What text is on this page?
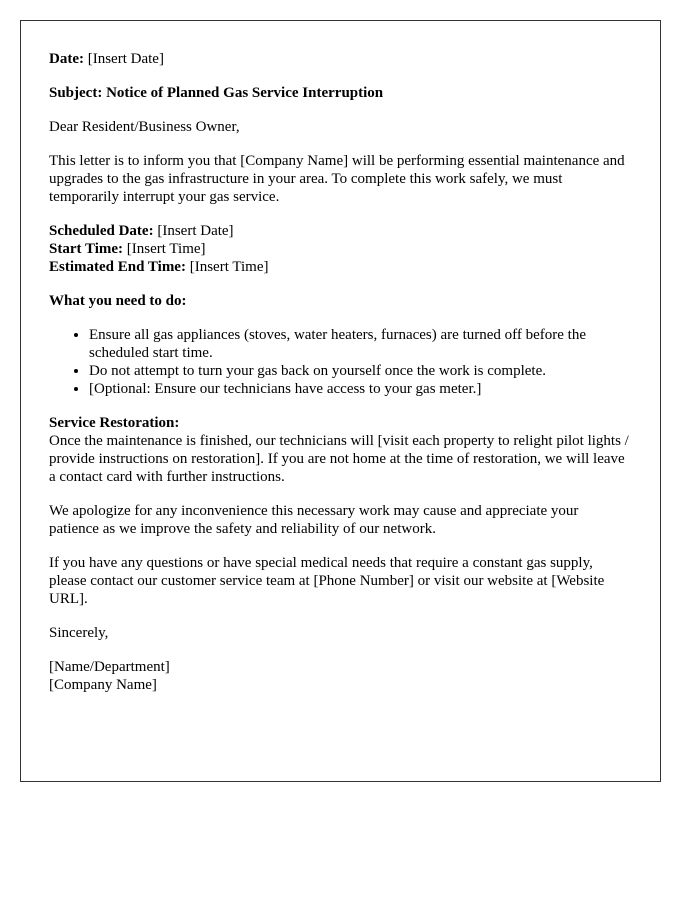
Date: [Insert Date]

Subject: Notice of Planned Gas Service Interruption

Dear Resident/Business Owner,

This letter is to inform you that [Company Name] will be performing essential maintenance and upgrades to the gas infrastructure in your area. To complete this work safely, we must temporarily interrupt your gas service.

Scheduled Date: [Insert Date]
Start Time: [Insert Time]
Estimated End Time: [Insert Time]

What you need to do:

• Ensure all gas appliances (stoves, water heaters, furnaces) are turned off before the scheduled start time.
• Do not attempt to turn your gas back on yourself once the work is complete.
• [Optional: Ensure our technicians have access to your gas meter.]

Service Restoration:
Once the maintenance is finished, our technicians will [visit each property to relight pilot lights / provide instructions on restoration]. If you are not home at the time of restoration, we will leave a contact card with further instructions.

We apologize for any inconvenience this necessary work may cause and appreciate your patience as we improve the safety and reliability of our network.

If you have any questions or have special medical needs that require a constant gas supply, please contact our customer service team at [Phone Number] or visit our website at [Website URL].

Sincerely,

[Name/Department]
[Company Name]
